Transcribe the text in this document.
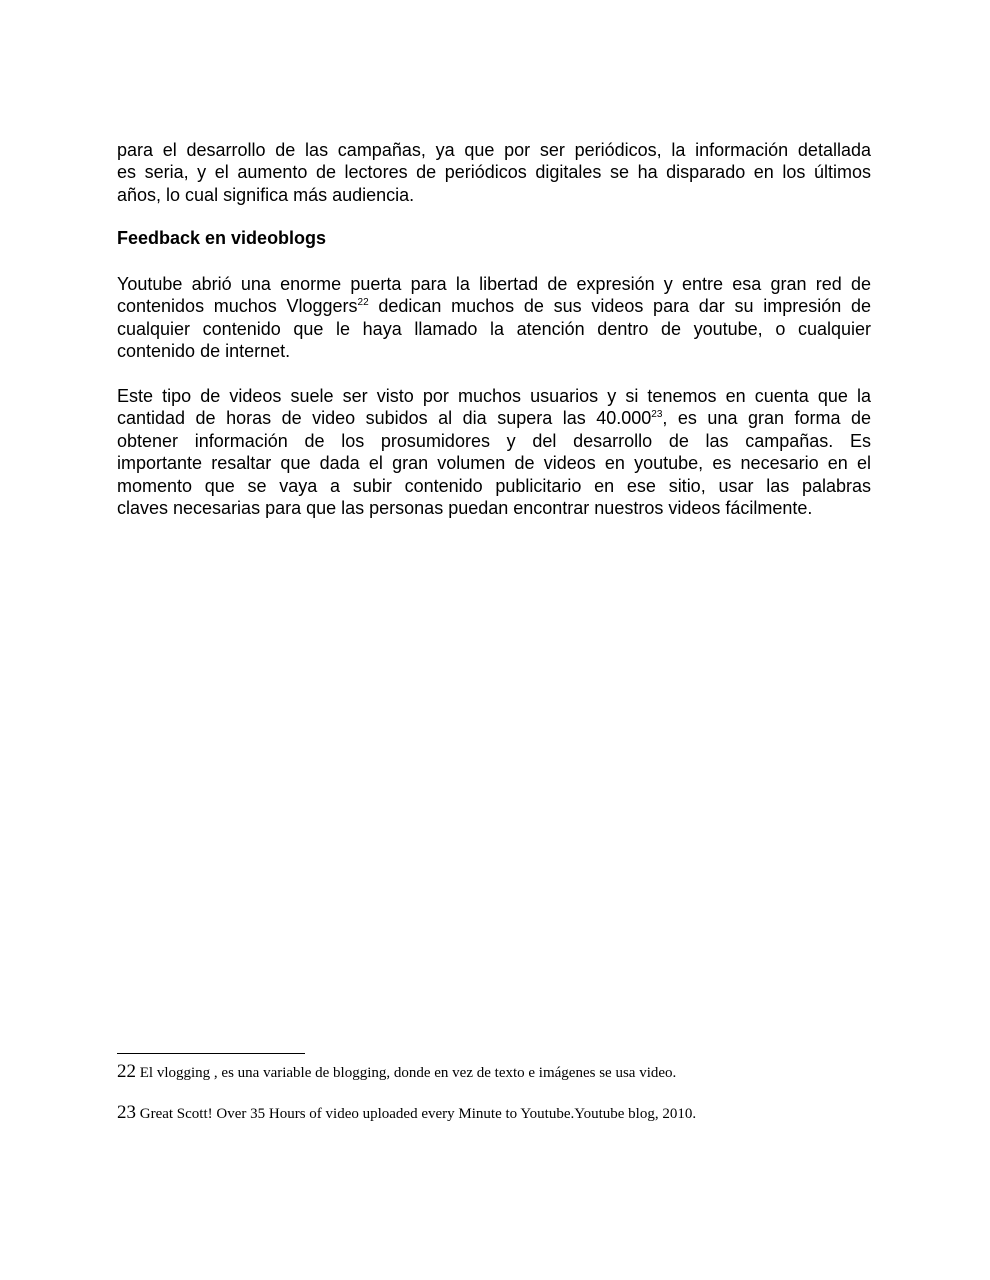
para el desarrollo de las campañas, ya que por ser periódicos, la información detallada
es seria, y el aumento de lectores de periódicos digitales se ha disparado en los últimos
años, lo cual significa más audiencia.
Feedback en videoblogs
Youtube abrió una enorme puerta para la libertad de expresión y entre esa gran red de
contenidos muchos Vloggers$^{22}$ dedican muchos de sus videos para dar su impresión de
cualquier contenido que le haya llamado la atención dentro de youtube, o cualquier
contenido de internet.
Este tipo de videos suele ser visto por muchos usuarios y si tenemos en cuenta que la
cantidad de horas de video subidos al dia supera las 40.000$^{23}$, es una gran forma de
obtener información de los prosumidores y del desarrollo de las campañas. Es
importante resaltar que dada el gran volumen de videos en youtube, es necesario en el
momento que se vaya a subir contenido publicitario en ese sitio, usar las palabras
claves necesarias para que las personas puedan encontrar nuestros videos fácilmente.
22 El vlogging , es una variable de blogging, donde en vez de texto e imágenes se usa video.
23 Great Scott! Over 35 Hours of video uploaded every Minute to Youtube.Youtube blog, 2010.
